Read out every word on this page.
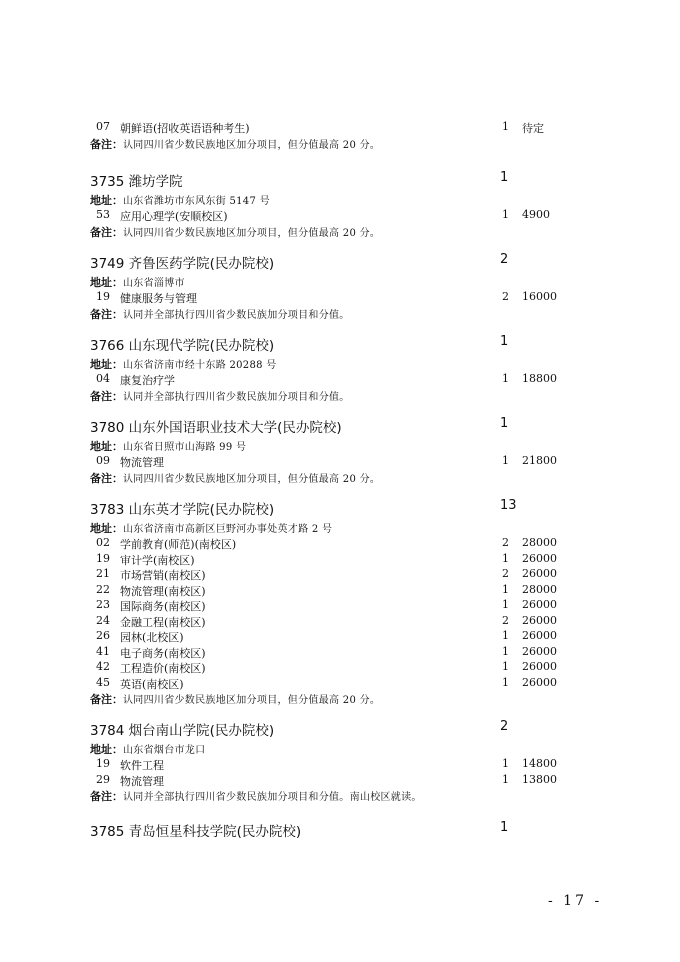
07 朝鲜语(招收英语语种考生)	1 待定
备注：认同四川省少数民族地区加分项目，但分值最高 20 分。
3735 潍坊学院	1
地址：山东省潍坊市东风东街 5147 号
53 应用心理学(安顺校区)	1 4900
备注：认同四川省少数民族地区加分项目，但分值最高 20 分。
3749 齐鲁医药学院(民办院校)	2
地址：山东省淄博市
19 健康服务与管理	2 16000
备注：认同并全部执行四川省少数民族加分项目和分值。
3766 山东现代学院(民办院校)	1
地址：山东省济南市经十东路 20288 号
04 康复治疗学	1 18800
备注：认同并全部执行四川省少数民族加分项目和分值。
3780 山东外国语职业技术大学(民办院校)	1
地址：山东省日照市山海路 99 号
09 物流管理	1 21800
备注：认同四川省少数民族地区加分项目，但分值最高 20 分。
3783 山东英才学院(民办院校)	13
地址：山东省济南市高新区巨野河办事处英才路 2 号
02 学前教育(师范)(南校区)	2 28000
19 审计学(南校区)	1 26000
21 市场营销(南校区)	2 26000
22 物流管理(南校区)	1 28000
23 国际商务(南校区)	1 26000
24 金融工程(南校区)	2 26000
26 园林(北校区)	1 26000
41 电子商务(南校区)	1 26000
42 工程造价(南校区)	1 26000
45 英语(南校区)	1 26000
备注：认同四川省少数民族地区加分项目，但分值最高 20 分。
3784 烟台南山学院(民办院校)	2
地址：山东省烟台市龙口
19 软件工程	1 14800
29 物流管理	1 13800
备注：认同并全部执行四川省少数民族加分项目和分值。南山校区就读。
3785 青岛恒星科技学院(民办院校)	1
- 17 -
